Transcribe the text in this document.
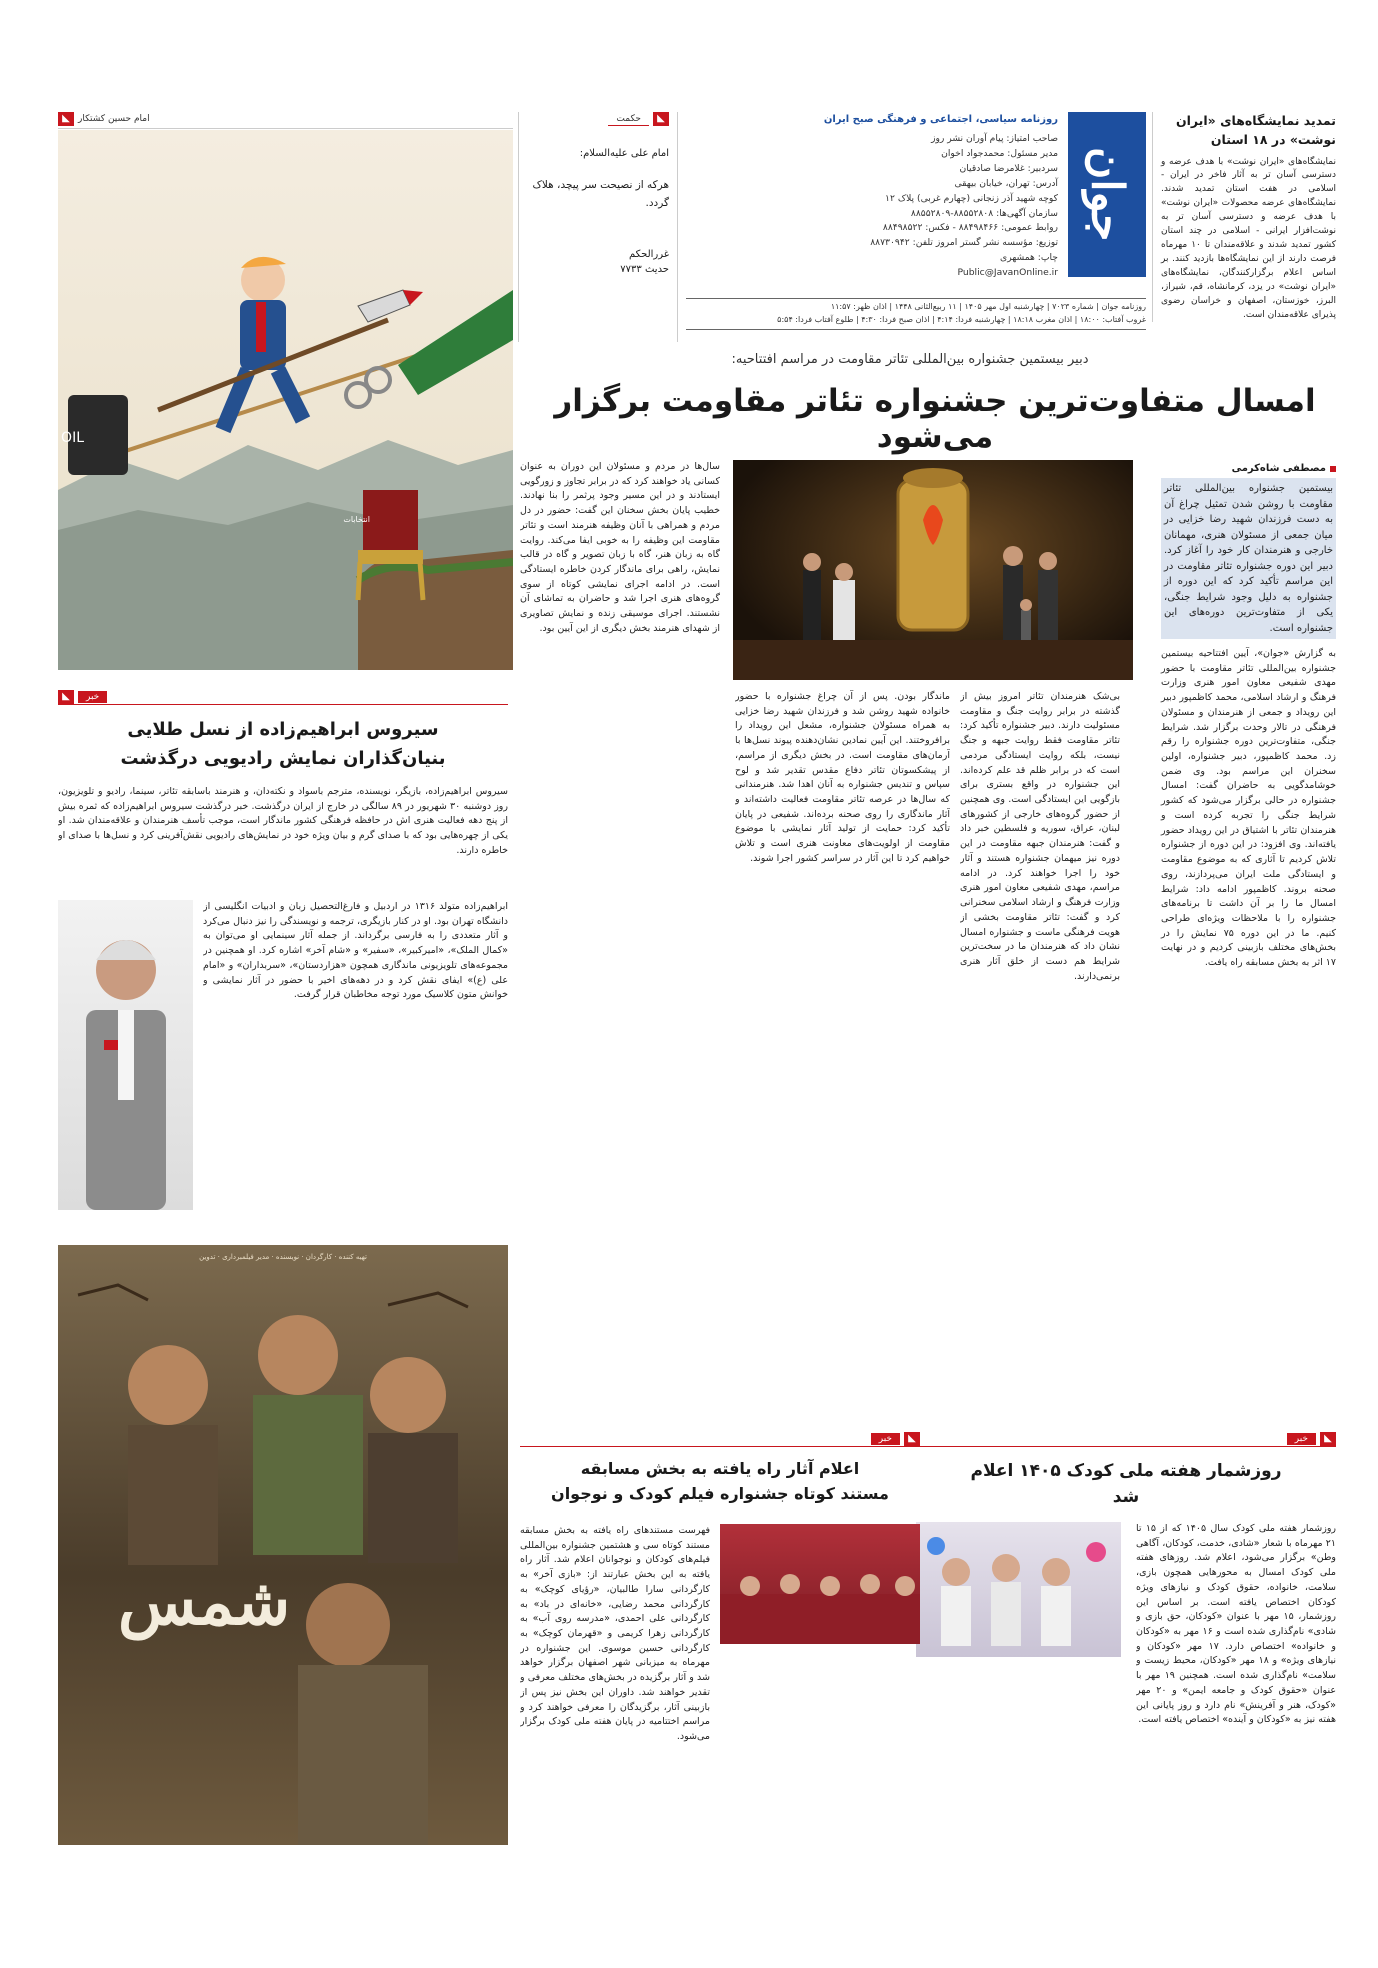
تمدید نمایشگاه‌های «ایران نوشت» در ۱۸ استان
نمایشگاه‌های «ایران نوشت» با هدف عرضه و دسترسی آسان تر به آثار فاخر در ایران - اسلامی در هفت استان تمدید شدند. نمایشگاه‌های عرضه محصولات «ایران نوشت» با هدف عرضه و دسترسی آسان تر به نوشت‌افزار ایرانی - اسلامی در چند استان کشور تمدید شدند و علاقه‌مندان تا ۱۰ مهرماه فرصت دارند از این نمایشگاه‌ها بازدید کنند. بر اساس اعلام برگزارکنندگان، نمایشگاه‌های «ایران نوشت» در یزد، کرمانشاه، قم، شیراز، البرز، خوزستان، اصفهان و خراسان رضوی پذیرای علاقه‌مندان است.
جوان
روزنامه سیاسی، اجتماعی و فرهنگی صبح ایران
صاحب امتیاز: پیام آوران نشر روز
مدیر مسئول: محمدجواد اخوان
سردبیر: غلامرضا صادقیان
آدرس: تهران، خیابان بیهقی
کوچه شهید آذر زنجانی (چهارم غربی) پلاک ۱۲
سازمان آگهی‌ها: ۸۸۵۵۲۸۰۸-۸۸۵۵۲۸۰۹
روابط عمومی: ۸۸۴۹۸۴۶۶ - فکس: ۸۸۴۹۸۵۲۲
توزیع: مؤسسه نشر گستر امروز تلفن: ۸۸۷۳۰۹۴۲
چاپ: همشهری
Public@JavanOnline.ir
روزنامه جوان | شماره ۷۰۲۳ | چهارشنبه اول مهر ۱۴۰۵ | ۱۱ ربیع‌الثانی ۱۴۴۸ | اذان ظهر: ۱۱:۵۷
غروب آفتاب: ۱۸:۰۰ | اذان مغرب ۱۸:۱۸ | چهارشنبه فردا: ۴:۱۴ | اذان صبح فردا: ۴:۳۰ | طلوع آفتاب فردا: ۵:۵۴
◣
حکمت
امام علی علیه‌السلام:
هرکه از نصیحت سر پیچد، هلاک گردد.
غررالحکم
حدیث ۷۷۳۳
امام حسین کشتکار
◣
OIL
انتخابات
دبیر بیستمین جشنواره بین‌المللی تئاتر مقاومت در مراسم افتتاحیه:
امسال متفاوت‌ترین جشنواره تئاتر مقاومت برگزار می‌شود
مصطفی شاه‌کرمی
بیستمین جشنواره بین‌المللی تئاتر مقاومت با روشن شدن تمثیل چراغ آن به دست فرزندان شهید رضا خزایی در میان جمعی از مسئولان هنری، مهمانان خارجی و هنرمندان کار خود را آغاز کرد. دبیر این دوره جشنواره تئاتر مقاومت در این مراسم تأکید کرد که این دوره از جشنواره به دلیل وجود شرایط جنگی، یکی از متفاوت‌ترین دوره‌های این جشنواره است.
به گزارش «جوان»، آیین افتتاحیه بیستمین جشنواره بین‌المللی تئاتر مقاومت با حضور مهدی شفیعی معاون امور هنری وزارت فرهنگ و ارشاد اسلامی، محمد کاظمپور دبیر این رویداد و جمعی از هنرمندان و مسئولان فرهنگی در تالار وحدت برگزار شد. شرایط جنگی، متفاوت‌ترین دوره جشنواره را رقم زد. محمد کاظمپور، دبیر جشنواره، اولین سخنران این مراسم بود. وی ضمن خوشامدگویی به حاضران گفت: امسال جشنواره در حالی برگزار می‌شود که کشور شرایط جنگی را تجربه کرده است و هنرمندان تئاتر با اشتیاق در این رویداد حضور یافته‌اند. وی افزود: در این دوره از جشنواره تلاش کردیم تا آثاری که به موضوع مقاومت و ایستادگی ملت ایران می‌پردازند، روی صحنه بروند. کاظمپور ادامه داد: شرایط امسال ما را بر آن داشت تا برنامه‌های جشنواره را با ملاحظات ویژه‌ای طراحی کنیم. ما در این دوره ۷۵ نمایش را در بخش‌های مختلف بازبینی کردیم و در نهایت ۱۷ اثر به بخش مسابقه راه یافت.
بی‌شک هنرمندان تئاتر امروز بیش از گذشته در برابر روایت جنگ و مقاومت مسئولیت دارند. دبیر جشنواره تأکید کرد: تئاتر مقاومت فقط روایت جبهه و جنگ نیست، بلکه روایت ایستادگی مردمی است که در برابر ظلم قد علم کرده‌اند. این جشنواره در واقع بستری برای بازگویی این ایستادگی است. وی همچنین از حضور گروه‌های خارجی از کشورهای لبنان، عراق، سوریه و فلسطین خبر داد و گفت: هنرمندان جبهه مقاومت در این دوره نیز میهمان جشنواره هستند و آثار خود را اجرا خواهند کرد. در ادامه مراسم، مهدی شفیعی معاون امور هنری وزارت فرهنگ و ارشاد اسلامی سخنرانی کرد و گفت: تئاتر مقاومت بخشی از هویت فرهنگی ماست و جشنواره امسال نشان داد که هنرمندان ما در سخت‌ترین شرایط هم دست از خلق آثار هنری برنمی‌دارند.
ماندگار بودن. پس از آن چراغ جشنواره با حضور خانواده شهید روشن شد و فرزندان شهید رضا خزایی به همراه مسئولان جشنواره، مشعل این رویداد را برافروختند. این آیین نمادین نشان‌دهنده پیوند نسل‌ها با آرمان‌های مقاومت است. در بخش دیگری از مراسم، از پیشکسوتان تئاتر دفاع مقدس تقدیر شد و لوح سپاس و تندیس جشنواره به آنان اهدا شد. هنرمندانی که سال‌ها در عرصه تئاتر مقاومت فعالیت داشته‌اند و آثار ماندگاری را روی صحنه برده‌اند. شفیعی در پایان تأکید کرد: حمایت از تولید آثار نمایشی با موضوع مقاومت از اولویت‌های معاونت هنری است و تلاش خواهیم کرد تا این آثار در سراسر کشور اجرا شوند.
سال‌ها در مردم و مسئولان این دوران به عنوان کسانی یاد خواهند کرد که در برابر تجاوز و زورگویی ایستادند و در این مسیر وجود پرثمر را بنا نهادند. خطیب پایان بخش سخنان این گفت: حضور در دل مردم و همراهی با آنان وظیفه هنرمند است و تئاتر مقاومت این وظیفه را به خوبی ایفا می‌کند. روایت گاه به زبان هنر، گاه با زبان تصویر و گاه در قالب نمایش، راهی برای ماندگار کردن خاطره ایستادگی است. در ادامه اجرای نمایشی کوتاه از سوی گروه‌های هنری اجرا شد و حاضران به تماشای آن نشستند. اجرای موسیقی زنده و نمایش تصاویری از شهدای هنرمند بخش دیگری از این آیین بود.
خبر
◣
سیروس ابراهیم‌زاده از نسل طلایی
بنیان‌گذاران نمایش رادیویی درگذشت
سیروس ابراهیم‌زاده، بازیگر، نویسنده، مترجم باسواد و نکته‌دان، و هنرمند باسابقه تئاتر، سینما، رادیو و تلویزیون، روز دوشنبه ۳۰ شهریور در ۸۹ سالگی در خارج از ایران درگذشت. خبر درگذشت سیروس ابراهیم‌زاده که ثمره بیش از پنج دهه فعالیت هنری اش در حافظه فرهنگی کشور ماندگار است، موجب تأسف هنرمندان و علاقه‌مندان شد. او یکی از چهره‌هایی بود که با صدای گرم و بیان ویژه خود در نمایش‌های رادیویی نقش‌آفرینی کرد و نسل‌ها با صدای او خاطره دارند.
ابراهیم‌زاده متولد ۱۳۱۶ در اردبیل و فارغ‌التحصیل زبان و ادبیات انگلیسی از دانشگاه تهران بود. او در کنار بازیگری، ترجمه و نویسندگی را نیز دنبال می‌کرد و آثار متعددی را به فارسی برگرداند. از جمله آثار سینمایی او می‌توان به «کمال الملک»، «امیرکبیر»، «سفیر» و «شام آخر» اشاره کرد. او همچنین در مجموعه‌های تلویزیونی ماندگاری همچون «هزاردستان»، «سربداران» و «امام علی (ع)» ایفای نقش کرد و در دهه‌های اخیر با حضور در آثار نمایشی و خوانش متون کلاسیک مورد توجه مخاطبان قرار گرفت.
تهیه کننده · کارگردان · نویسنده · مدیر فیلمبرداری · تدوین
شمس
◣
خبر
روزشمار هفته ملی کودک ۱۴۰۵ اعلام شد
روزشمار هفته ملی کودک سال ۱۴۰۵ که از ۱۵ تا ۲۱ مهرماه با شعار «شادی، خدمت، کودکان، آگاهی وطن» برگزار می‌شود، اعلام شد. روزهای هفته ملی کودک امسال به محورهایی همچون بازی، سلامت، خانواده، حقوق کودک و نیازهای ویژه کودکان اختصاص یافته است. بر اساس این روزشمار، ۱۵ مهر با عنوان «کودکان، حق بازی و شادی» نام‌گذاری شده است و ۱۶ مهر به «کودکان و خانواده» اختصاص دارد. ۱۷ مهر «کودکان و نیازهای ویژه» و ۱۸ مهر «کودکان، محیط زیست و سلامت» نام‌گذاری شده است. همچنین ۱۹ مهر با عنوان «حقوق کودک و جامعه ایمن» و ۲۰ مهر «کودک، هنر و آفرینش» نام دارد و روز پایانی این هفته نیز به «کودکان و آینده» اختصاص یافته است.
◣
خبر
اعلام آثار راه یافته به بخش مسابقه
مستند کوتاه جشنواره فیلم کودک و نوجوان
فهرست مستندهای راه یافته به بخش مسابقه مستند کوتاه سی و هشتمین جشنواره بین‌المللی فیلم‌های کودکان و نوجوانان اعلام شد. آثار راه یافته به این بخش عبارتند از: «بازی آخر» به کارگردانی سارا طالبیان، «رؤیای کوچک» به کارگردانی محمد رضایی، «خانه‌ای در باد» به کارگردانی علی احمدی، «مدرسه روی آب» به کارگردانی زهرا کریمی و «قهرمان کوچک» به کارگردانی حسین موسوی. این جشنواره در مهرماه به میزبانی شهر اصفهان برگزار خواهد شد و آثار برگزیده در بخش‌های مختلف معرفی و تقدیر خواهند شد. داوران این بخش نیز پس از بازبینی آثار، برگزیدگان را معرفی خواهند کرد و مراسم اختتامیه در پایان هفته ملی کودک برگزار می‌شود.
